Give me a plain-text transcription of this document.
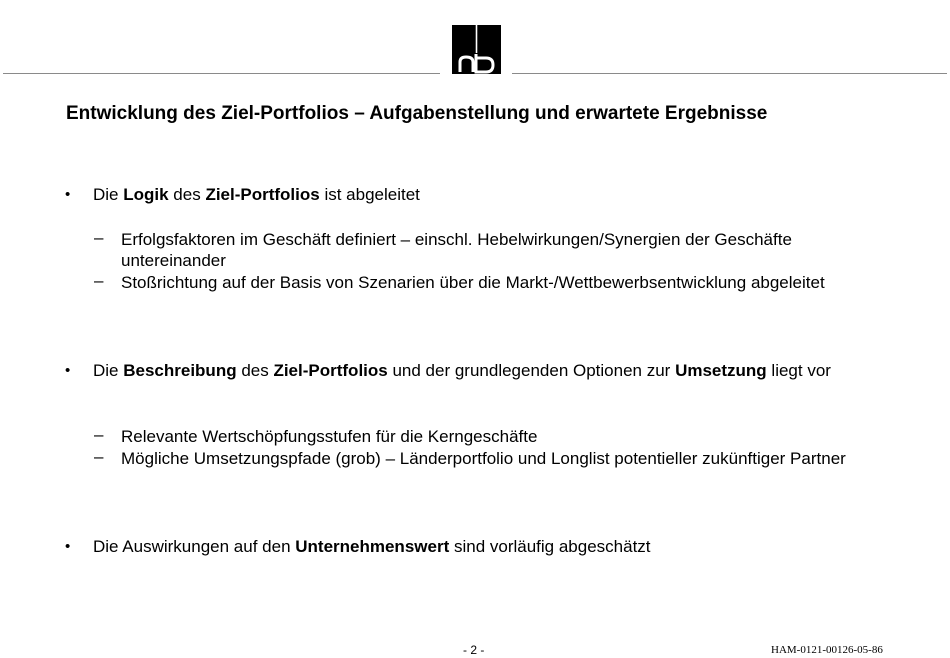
Entwicklung des Ziel-Portfolios – Aufgabenstellung und erwartete Ergebnisse
• Die Logik des Ziel-Portfolios ist abgeleitet
– Erfolgsfaktoren im Geschäft definiert – einschl. Hebelwirkungen/Synergien der Geschäfte untereinander
– Stoßrichtung auf der Basis von Szenarien über die Markt-/Wettbewerbsentwicklung abgeleitet
• Die Beschreibung des Ziel-Portfolios und der grundlegenden Optionen zur Umsetzung liegt vor
– Relevante Wertschöpfungsstufen für die Kerngeschäfte
– Mögliche Umsetzungspfade (grob) – Länderportfolio und Longlist potentieller zukünftiger Partner
• Die Auswirkungen auf den Unternehmenswert sind vorläufig abgeschätzt
- 2 -	HAM-0121-00126-05-86
